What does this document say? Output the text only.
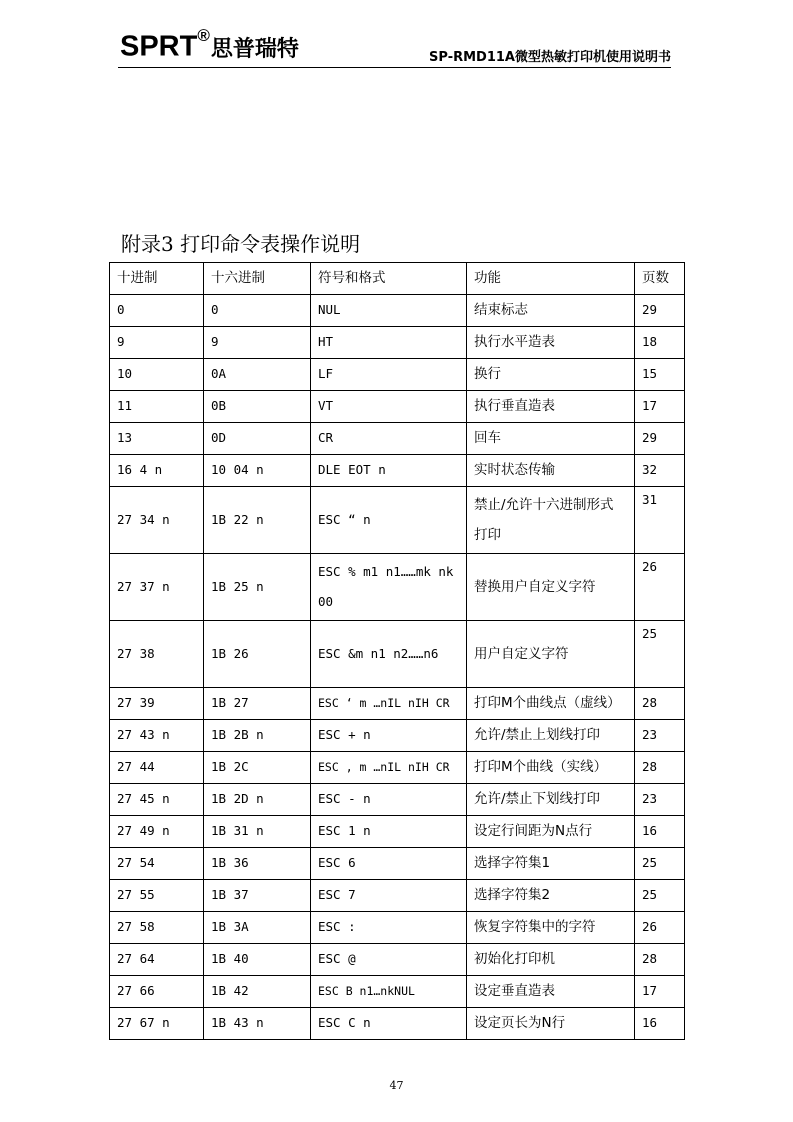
SPRT®思普瑞特	SP-RMD11A微型热敏打印机使用说明书
附录3 打印命令表操作说明
十进制	十六进制	符号和格式	功能	页数
0	0	NUL	结束标志	29
9	9	HT	执行水平造表	18
10	0A	LF	换行	15
11	0B	VT	执行垂直造表	17
13	0D	CR	回车	29
16 4 n	10 04 n	DLE EOT n	实时状态传输	32
27 34 n	1B 22 n	ESC “ n	禁止/允许十六进制形式打印	31
27 37 n	1B 25 n	ESC % m1 n1……mk nk 00	替换用户自定义字符	26
27 38	1B 26	ESC &m n1 n2……n6	用户自定义字符	25
27 39	1B 27	ESC ‘ m …nIL nIH CR	打印M个曲线点（虚线）	28
27 43 n	1B 2B n	ESC + n	允许/禁止上划线打印	23
27 44	1B 2C	ESC , m …nIL nIH CR	打印M个曲线（实线）	28
27 45 n	1B 2D n	ESC - n	允许/禁止下划线打印	23
27 49 n	1B 31 n	ESC 1 n	设定行间距为N点行	16
27 54	1B 36	ESC 6	选择字符集1	25
27 55	1B 37	ESC 7	选择字符集2	25
27 58	1B 3A	ESC :	恢复字符集中的字符	26
27 64	1B 40	ESC @	初始化打印机	28
27 66	1B 42	ESC B n1…nkNUL	设定垂直造表	17
27 67 n	1B 43 n	ESC C n	设定页长为N行	16
47
